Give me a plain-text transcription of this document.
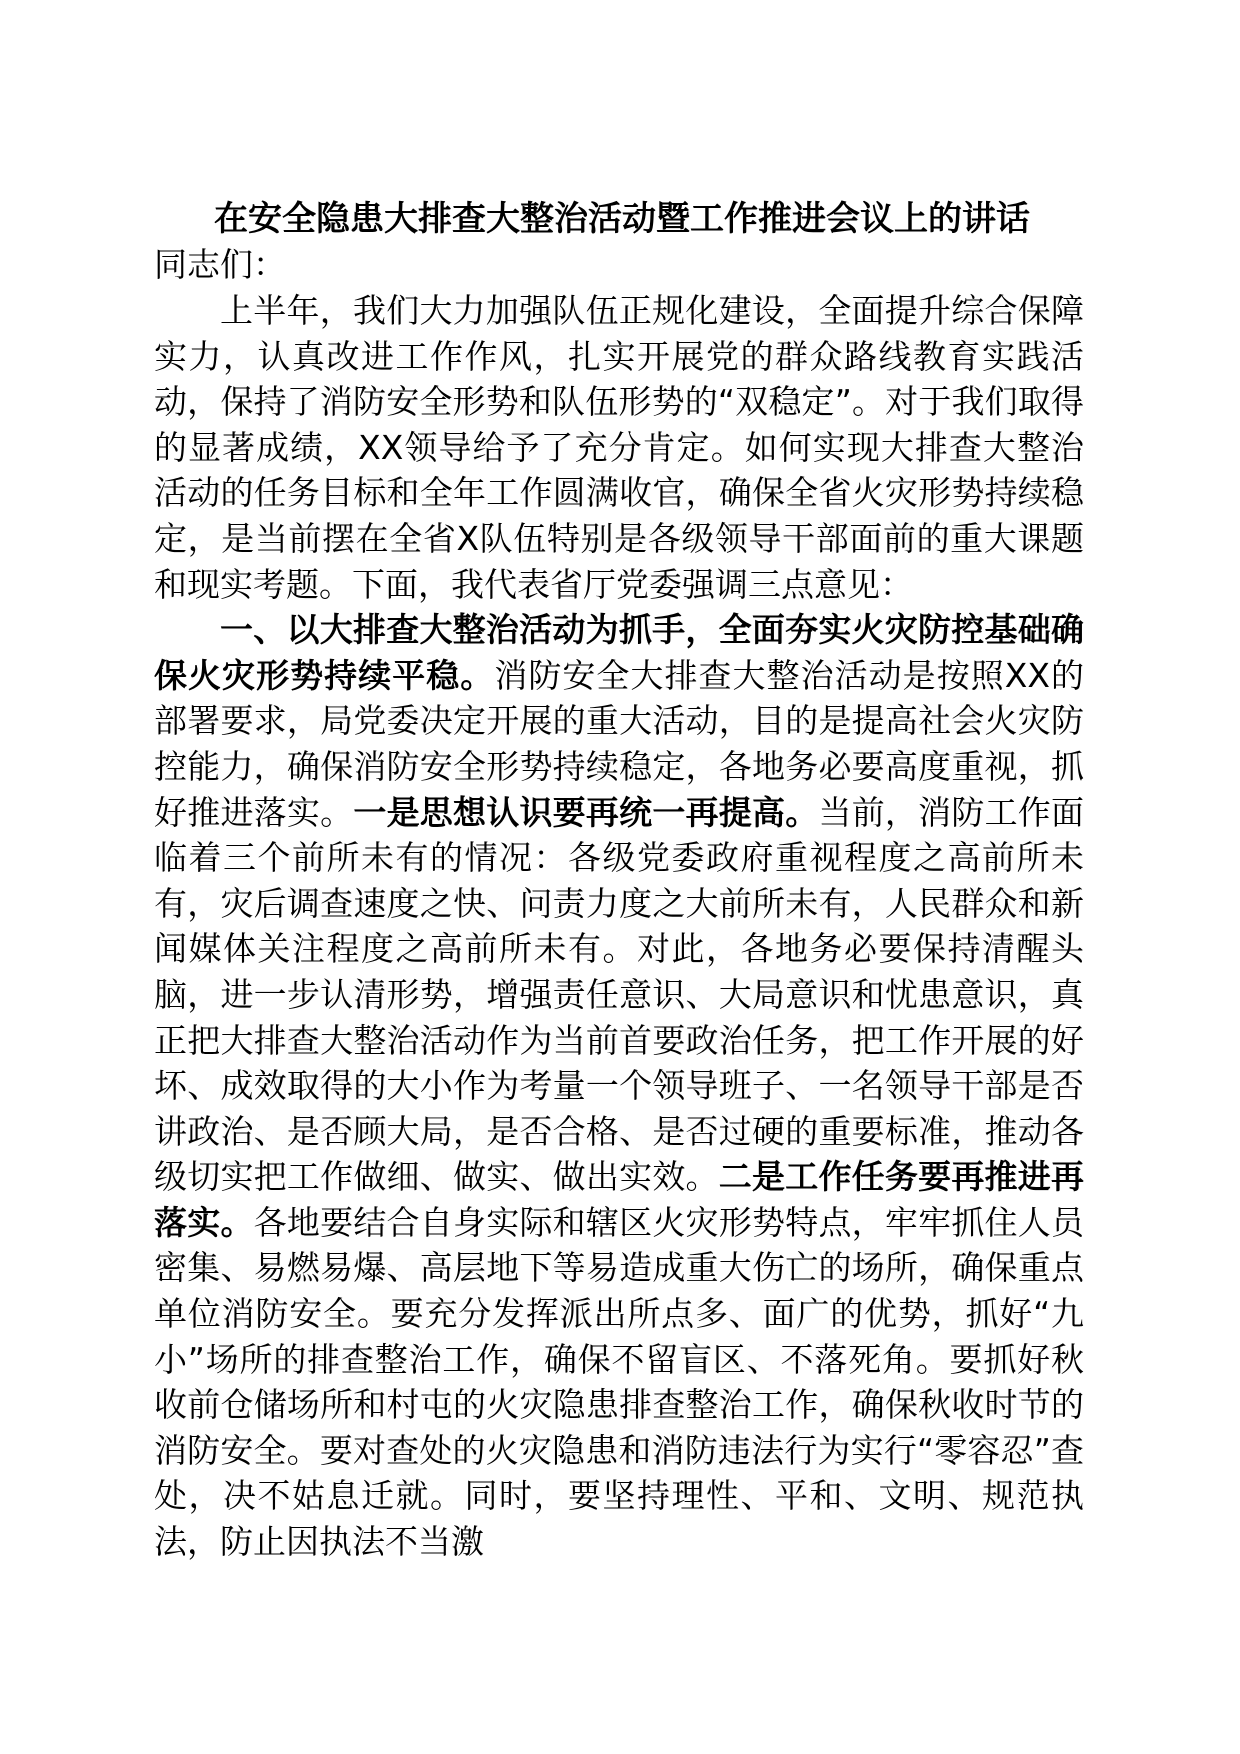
在安全隐患大排查大整治活动暨工作推进会议上的讲话

同志们：

上半年，我们大力加强队伍正规化建设，全面提升综合保障实力，认真改进工作作风，扎实开展党的群众路线教育实践活动，保持了消防安全形势和队伍形势的“双稳定”。对于我们取得的显著成绩，XX领导给予了充分肯定。如何实现大排查大整治活动的任务目标和全年工作圆满收官，确保全省火灾形势持续稳定，是当前摆在全省X队伍特别是各级领导干部面前的重大课题和现实考题。下面，我代表省厅党委强调三点意见：

一、以大排查大整治活动为抓手，全面夯实火灾防控基础确保火灾形势持续平稳。消防安全大排查大整治活动是按照XX的部署要求，局党委决定开展的重大活动，目的是提高社会火灾防控能力，确保消防安全形势持续稳定，各地务必要高度重视，抓好推进落实。一是思想认识要再统一再提高。当前，消防工作面临着三个前所未有的情况：各级党委政府重视程度之高前所未有，灾后调查速度之快、问责力度之大前所未有，人民群众和新闻媒体关注程度之高前所未有。对此，各地务必要保持清醒头脑，进一步认清形势，增强责任意识、大局意识和忧患意识，真正把大排查大整治活动作为当前首要政治任务，把工作开展的好坏、成效取得的大小作为考量一个领导班子、一名领导干部是否讲政治、是否顾大局，是否合格、是否过硬的重要标准，推动各级切实把工作做细、做实、做出实效。二是工作任务要再推进再落实。各地要结合自身实际和辖区火灾形势特点，牢牢抓住人员密集、易燃易爆、高层地下等易造成重大伤亡的场所，确保重点单位消防安全。要充分发挥派出所点多、面广的优势，抓好“九小”场所的排查整治工作，确保不留盲区、不落死角。要抓好秋收前仓储场所和村屯的火灾隐患排查整治工作，确保秋收时节的消防安全。要对查处的火灾隐患和消防违法行为实行“零容忍”查处，决不姑息迁就。同时，要坚持理性、平和、文明、规范执法，防止因执法不当激
